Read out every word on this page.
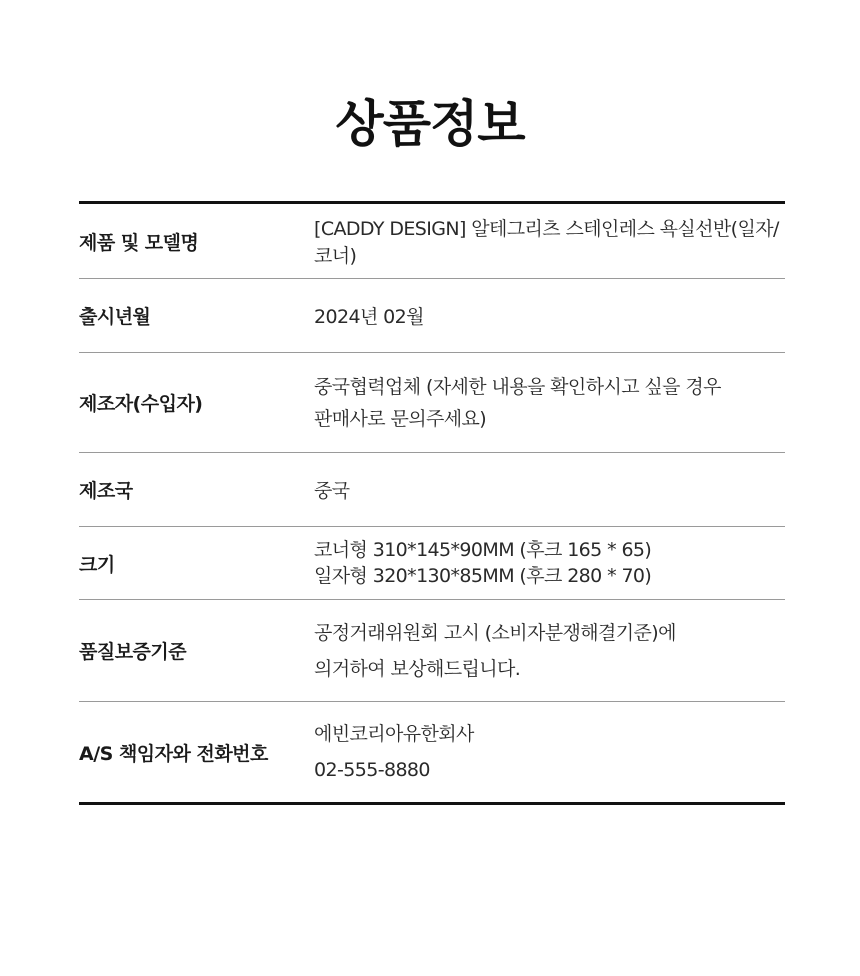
상품정보
제품 및 모델명
[CADDY DESIGN] 알테그리츠 스테인레스 욕실선반(일자/코너)
출시년월	2024년 02월
제조자(수입자)
중국협력업체 (자세한 내용을 확인하시고 싶을 경우
판매사로 문의주세요)
제조국	중국
크기
코너형 310*145*90MM (후크 165 * 65)
일자형 320*130*85MM (후크 280 * 70)
품질보증기준
공정거래위원회 고시 (소비자분쟁해결기준)에
의거하여 보상해드립니다.
A/S 책임자와 전화번호
에빈코리아유한회사
02-555-8880
